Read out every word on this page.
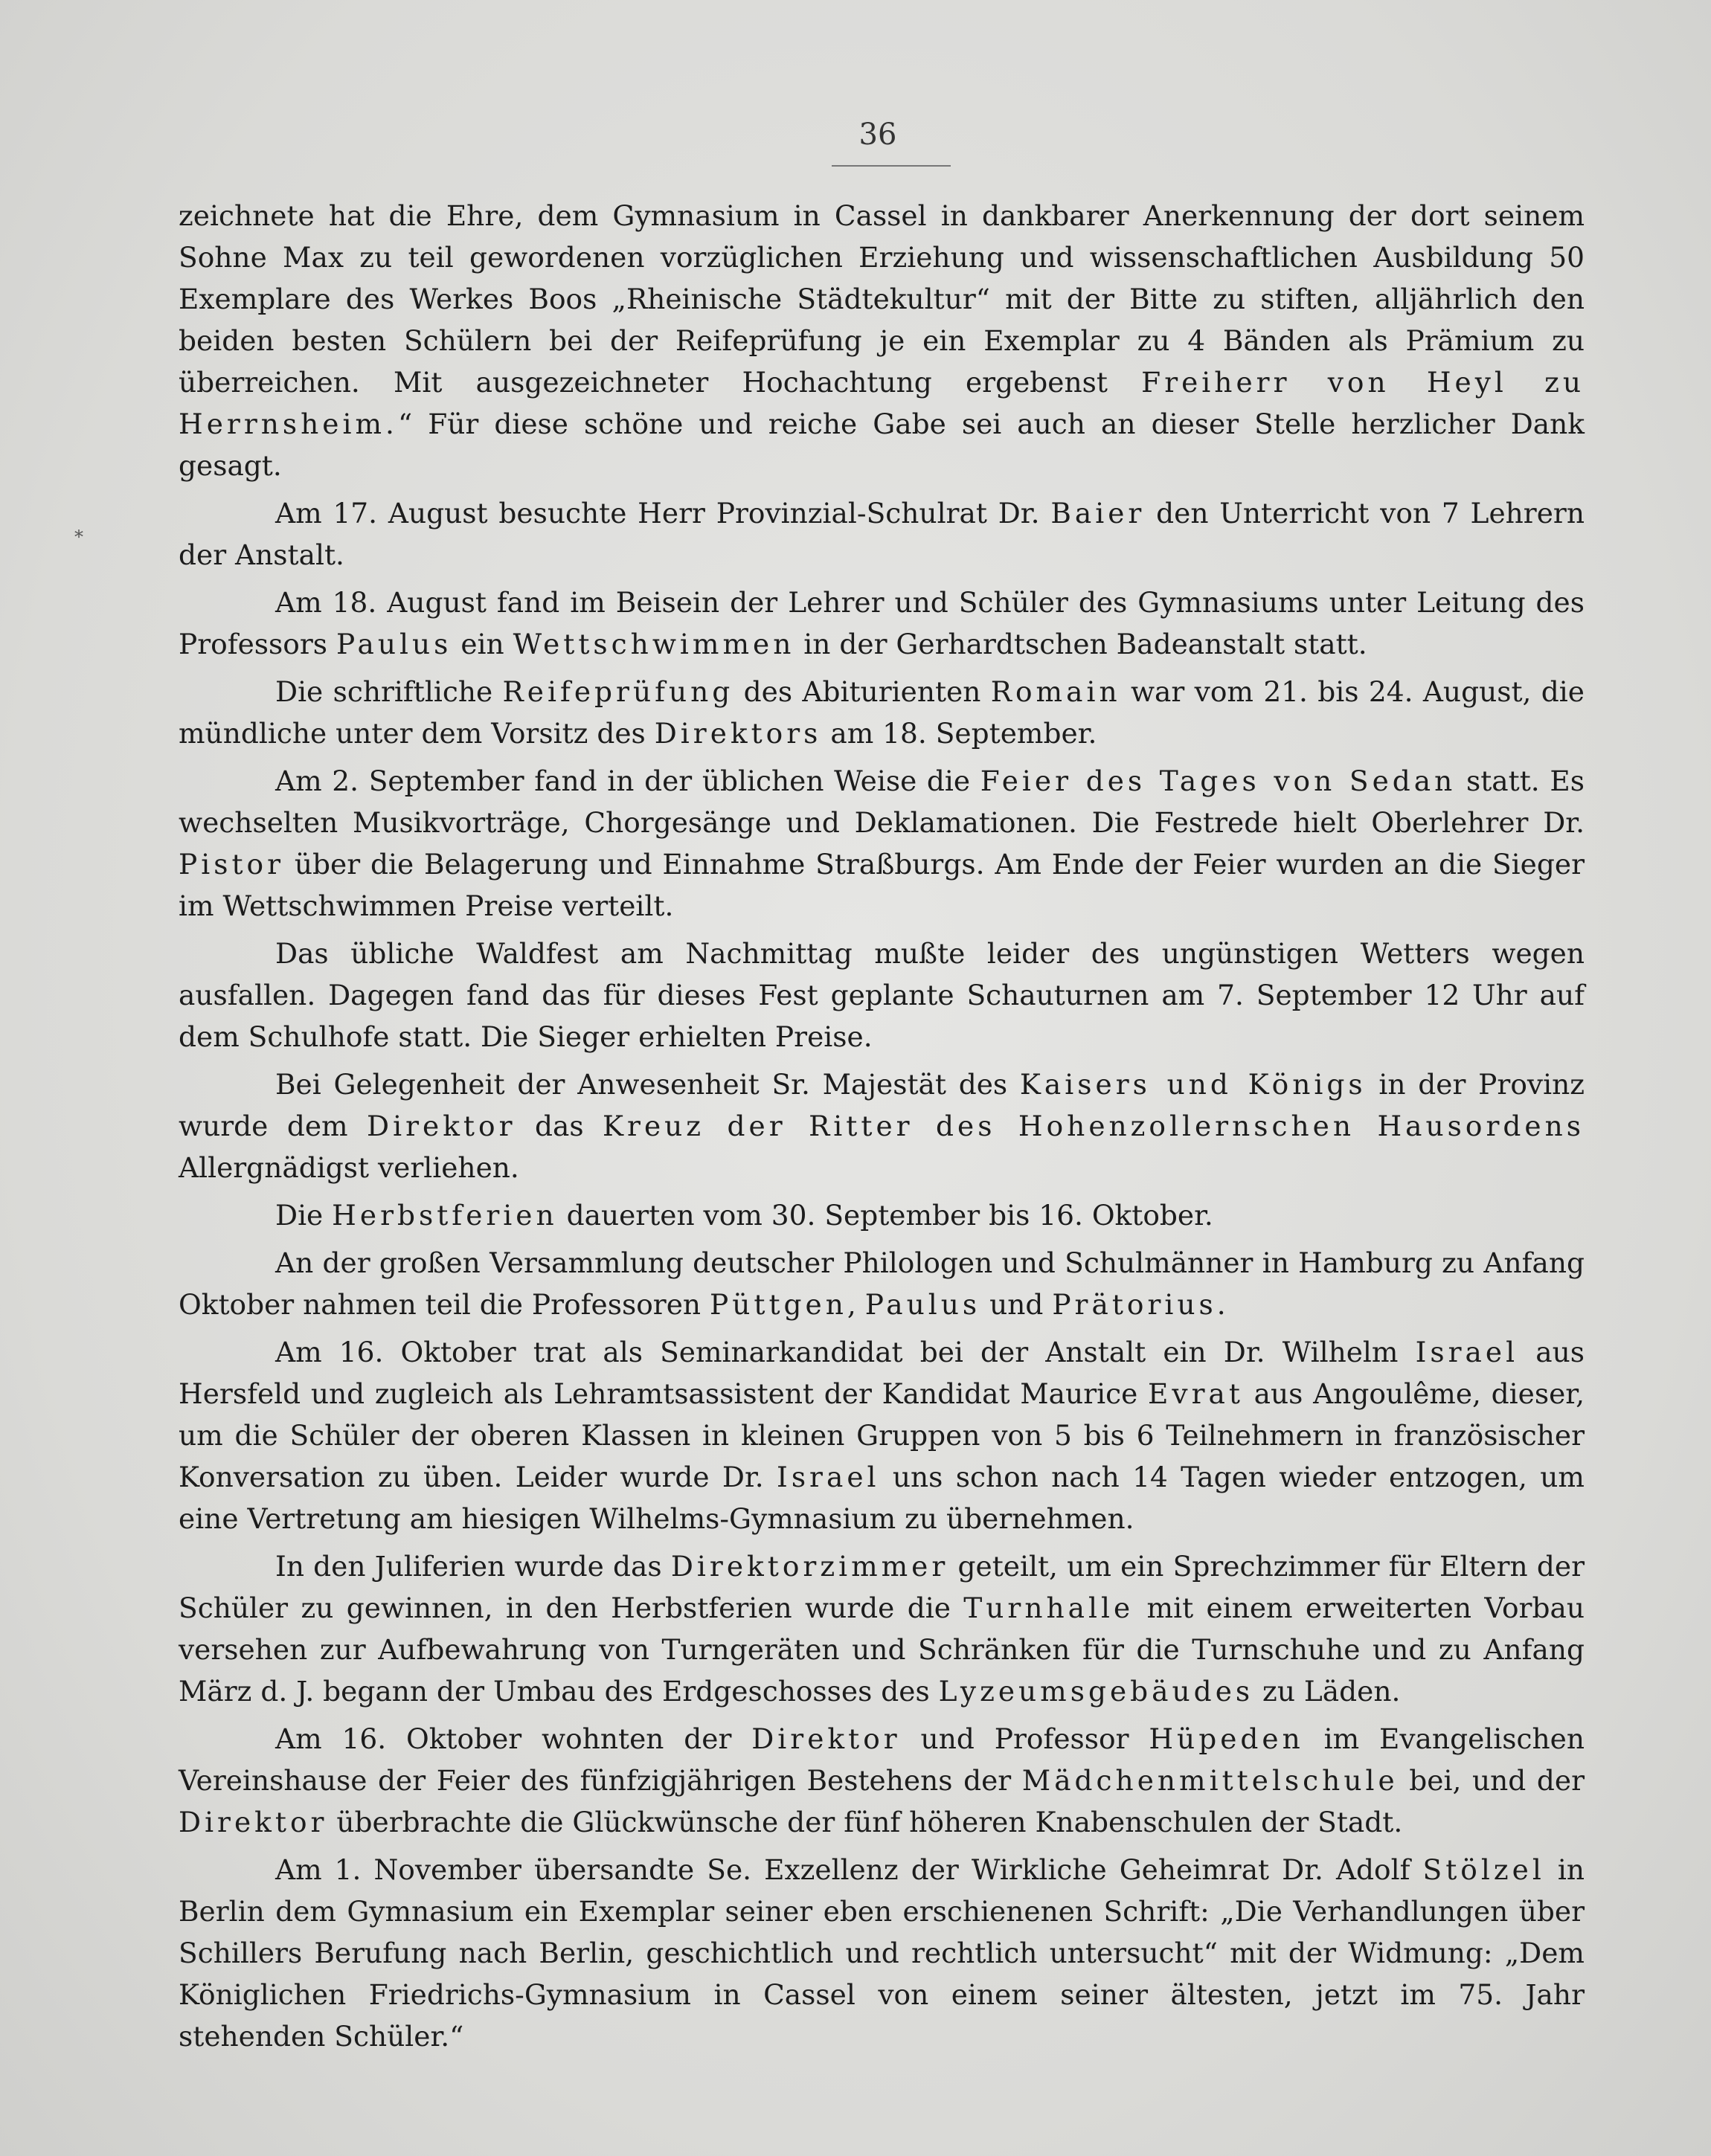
36
*

zeichnete hat die Ehre, dem Gymnasium in Cassel in dankbarer Anerkennung der dort seinem Sohne Max zu teil gewordenen vorzüglichen Erziehung und wissenschaftlichen Ausbildung 50 Exemplare des Werkes Boos „Rheinische Städtekultur“ mit der Bitte zu stiften, alljährlich den beiden besten Schülern bei der Reifeprüfung je ein Exemplar zu 4 Bänden als Prämium zu überreichen. Mit ausgezeichneter Hochachtung ergebenst Freiherr von Heyl zu Herrnsheim.“ Für diese schöne und reiche Gabe sei auch an dieser Stelle herzlicher Dank gesagt.

Am 17. August besuchte Herr Provinzial-Schulrat Dr. Baier den Unterricht von 7 Lehrern der Anstalt.

Am 18. August fand im Beisein der Lehrer und Schüler des Gymnasiums unter Leitung des Professors Paulus ein Wettschwimmen in der Gerhardtschen Badeanstalt statt.

Die schriftliche Reifeprüfung des Abiturienten Romain war vom 21. bis 24. August, die mündliche unter dem Vorsitz des Direktors am 18. September.

Am 2. September fand in der üblichen Weise die Feier des Tages von Sedan statt. Es wechselten Musikvorträge, Chorgesänge und Deklamationen. Die Festrede hielt Oberlehrer Dr. Pistor über die Belagerung und Einnahme Straßburgs. Am Ende der Feier wurden an die Sieger im Wettschwimmen Preise verteilt.

Das übliche Waldfest am Nachmittag mußte leider des ungünstigen Wetters wegen ausfallen. Dagegen fand das für dieses Fest geplante Schauturnen am 7. September 12 Uhr auf dem Schulhofe statt. Die Sieger erhielten Preise.

Bei Gelegenheit der Anwesenheit Sr. Majestät des Kaisers und Königs in der Provinz wurde dem Direktor das Kreuz der Ritter des Hohenzollernschen Hausordens Allergnädigst verliehen.

Die Herbstferien dauerten vom 30. September bis 16. Oktober.

An der großen Versammlung deutscher Philologen und Schulmänner in Hamburg zu Anfang Oktober nahmen teil die Professoren Püttgen, Paulus und Prätorius.

Am 16. Oktober trat als Seminarkandidat bei der Anstalt ein Dr. Wilhelm Israel aus Hersfeld und zugleich als Lehramtsassistent der Kandidat Maurice Evrat aus Angoulême, dieser, um die Schüler der oberen Klassen in kleinen Gruppen von 5 bis 6 Teilnehmern in französischer Konversation zu üben. Leider wurde Dr. Israel uns schon nach 14 Tagen wieder entzogen, um eine Vertretung am hiesigen Wilhelms-Gymnasium zu übernehmen.

In den Juliferien wurde das Direktorzimmer geteilt, um ein Sprechzimmer für Eltern der Schüler zu gewinnen, in den Herbstferien wurde die Turnhalle mit einem erweiterten Vorbau versehen zur Aufbewahrung von Turngeräten und Schränken für die Turnschuhe und zu Anfang März d. J. begann der Umbau des Erdgeschosses des Lyzeumsgebäudes zu Läden.

Am 16. Oktober wohnten der Direktor und Professor Hüpeden im Evangelischen Vereinshause der Feier des fünfzigjährigen Bestehens der Mädchenmittelschule bei, und der Direktor überbrachte die Glückwünsche der fünf höheren Knabenschulen der Stadt.

Am 1. November übersandte Se. Exzellenz der Wirkliche Geheimrat Dr. Adolf Stölzel in Berlin dem Gymnasium ein Exemplar seiner eben erschienenen Schrift: „Die Verhandlungen über Schillers Berufung nach Berlin, geschichtlich und rechtlich untersucht“ mit der Widmung: „Dem Königlichen Friedrichs-Gymnasium in Cassel von einem seiner ältesten, jetzt im 75. Jahr stehenden Schüler.“
